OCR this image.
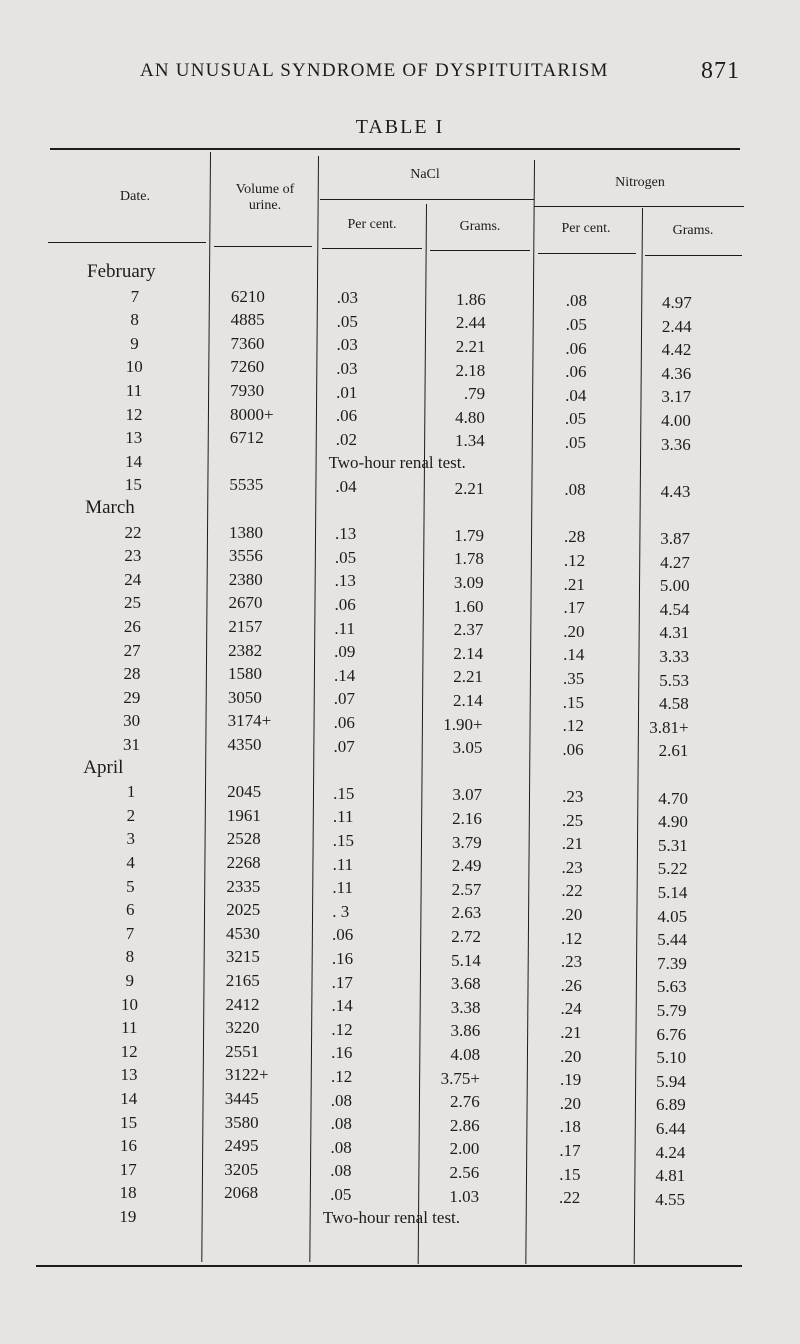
AN UNUSUAL SYNDROME OF DYSPITUITARISM	871
TABLE I
Date.	Volume of urine.
NaCl
Nitrogen
Per cent.	Grams.	Per cent.	Grams.
February
7	6210	.03	1.86	.08	4.97
8	4885	.05	2.44	.05	2.44
9	7360	.03	2.21	.06	4.42
10	7260	.03	2.18	.06	4.36
11	7930	.01	.79	.04	3.17
12	8000+	.06	4.80	.05	4.00
13	6712	.02	1.34	.05	3.36
14	Two-hour renal test.
15	5535	.04	2.21	.08	4.43
March
22	1380	.13	1.79	.28	3.87
23	3556	.05	1.78	.12	4.27
24	2380	.13	3.09	.21	5.00
25	2670	.06	1.60	.17	4.54
26	2157	.11	2.37	.20	4.31
27	2382	.09	2.14	.14	3.33
28	1580	.14	2.21	.35	5.53
29	3050	.07	2.14	.15	4.58
30	3174+	.06	1.90+	.12	3.81+
31	4350	.07	3.05	.06	2.61
April
1	2045	.15	3.07	.23	4.70
2	1961	.11	2.16	.25	4.90
3	2528	.15	3.79	.21	5.31
4	2268	.11	2.49	.23	5.22
5	2335	.11	2.57	.22	5.14
6	2025	. 3	2.63	.20	4.05
7	4530	.06	2.72	.12	5.44
8	3215	.16	5.14	.23	7.39
9	2165	.17	3.68	.26	5.63
10	2412	.14	3.38	.24	5.79
11	3220	.12	3.86	.21	6.76
12	2551	.16	4.08	.20	5.10
13	3122+	.12	3.75+	.19	5.94
14	3445	.08	2.76	.20	6.89
15	3580	.08	2.86	.18	6.44
16	2495	.08	2.00	.17	4.24
17	3205	.08	2.56	.15	4.81
18	2068	.05	1.03	.22	4.55
19	Two-hour renal test.
